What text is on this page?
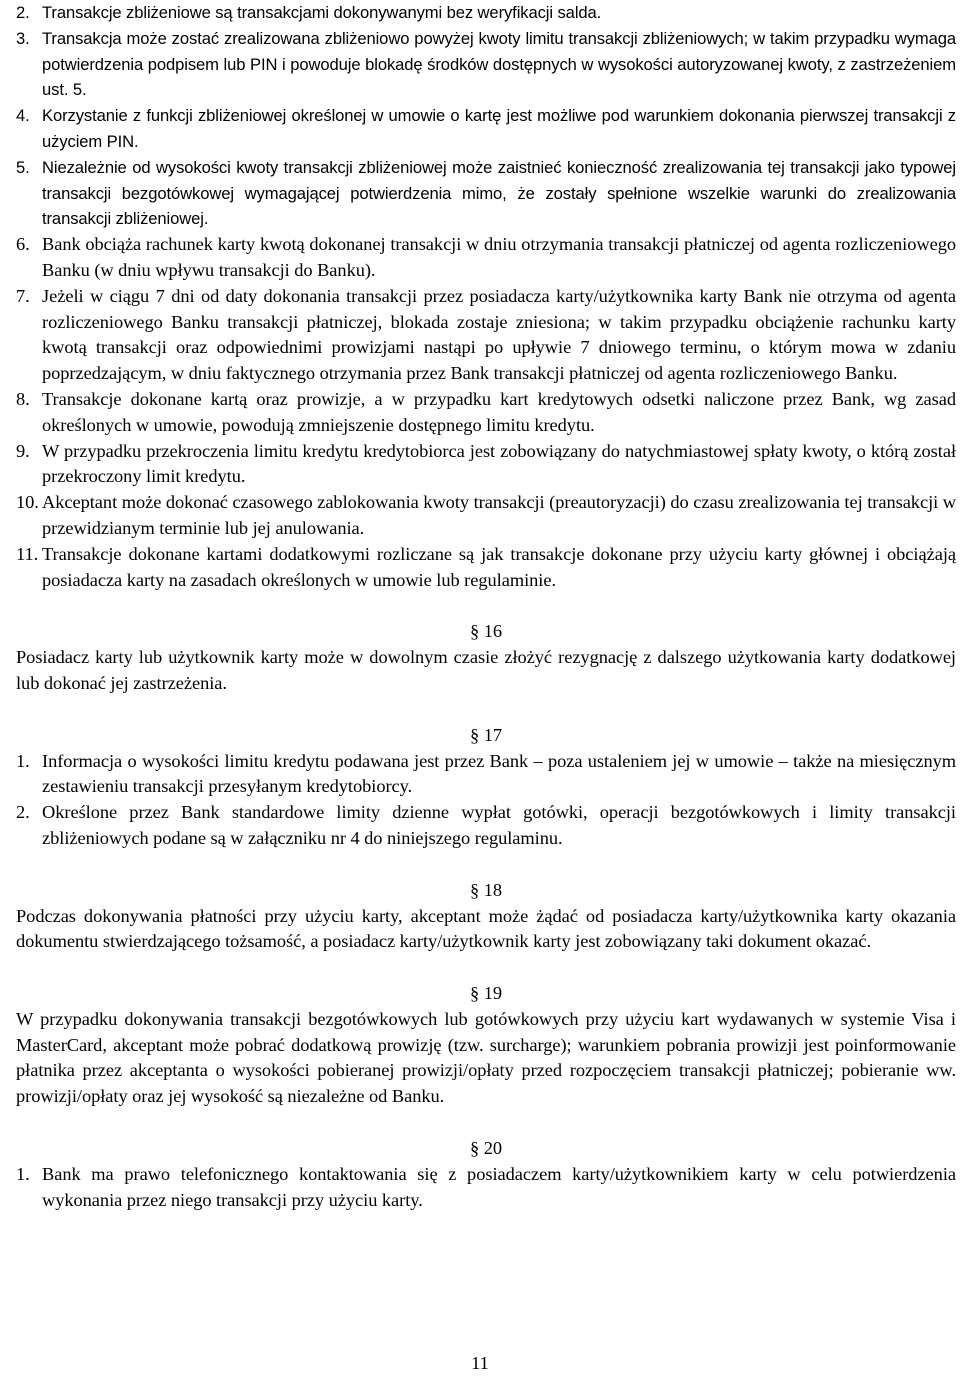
2. Transakcje zbliżeniowe są transakcjami dokonywanymi bez weryfikacji salda.
3. Transakcja może zostać zrealizowana zbliżeniowo powyżej kwoty limitu transakcji zbliżeniowych; w takim przypadku wymaga potwierdzenia podpisem lub PIN i powoduje blokadę środków dostępnych w wysokości autoryzowanej kwoty, z zastrzeżeniem ust. 5.
4. Korzystanie z funkcji zbliżeniowej określonej w umowie o kartę jest możliwe pod warunkiem dokonania pierwszej transakcji z użyciem PIN.
5. Niezależnie od wysokości kwoty transakcji zbliżeniowej może zaistnieć konieczność zrealizowania tej transakcji jako typowej transakcji bezgotówkowej wymagającej potwierdzenia mimo, że zostały spełnione wszelkie warunki do zrealizowania transakcji zbliżeniowej.
6. Bank obciąża rachunek karty kwotą dokonanej transakcji w dniu otrzymania transakcji płatniczej od agenta rozliczeniowego Banku (w dniu wpływu transakcji do Banku).
7. Jeżeli w ciągu 7 dni od daty dokonania transakcji przez posiadacza karty/użytkownika karty Bank nie otrzyma od agenta rozliczeniowego Banku transakcji płatniczej, blokada zostaje zniesiona; w takim przypadku obciążenie rachunku karty kwotą transakcji oraz odpowiednimi prowizjami nastąpi po upływie 7 dniowego terminu, o którym mowa w zdaniu poprzedzającym, w dniu faktycznego otrzymania przez Bank transakcji płatniczej od agenta rozliczeniowego Banku.
8. Transakcje dokonane kartą oraz prowizje, a w przypadku kart kredytowych odsetki naliczone przez Bank, wg zasad określonych w umowie, powodują zmniejszenie dostępnego limitu kredytu.
9. W przypadku przekroczenia limitu kredytu kredytobiorca jest zobowiązany do natychmiastowej spłaty kwoty, o którą został przekroczony limit kredytu.
10. Akceptant może dokonać czasowego zablokowania kwoty transakcji (preautoryzacji) do czasu zrealizowania tej transakcji w przewidzianym terminie lub jej anulowania.
11. Transakcje dokonane kartami dodatkowymi rozliczane są jak transakcje dokonane przy użyciu karty głównej i obciążają posiadacza karty na zasadach określonych w umowie lub regulaminie.

§ 16

Posiadacz karty lub użytkownik karty może w dowolnym czasie złożyć rezygnację z dalszego użytkowania karty dodatkowej lub dokonać jej zastrzeżenia.

§ 17

1. Informacja o wysokości limitu kredytu podawana jest przez Bank – poza ustaleniem jej w umowie – także na miesięcznym zestawieniu transakcji przesyłanym kredytobiorcy.
2. Określone przez Bank standardowe limity dzienne wypłat gotówki, operacji bezgotówkowych i limity transakcji zbliżeniowych podane są w załączniku nr 4 do niniejszego regulaminu.

§ 18

Podczas dokonywania płatności przy użyciu karty, akceptant może żądać od posiadacza karty/użytkownika karty okazania dokumentu stwierdzającego tożsamość, a posiadacz karty/użytkownik karty jest zobowiązany taki dokument okazać.

§ 19

W przypadku dokonywania transakcji bezgotówkowych lub gotówkowych przy użyciu kart wydawanych w systemie Visa i MasterCard, akceptant może pobrać dodatkową prowizję (tzw. surcharge); warunkiem pobrania prowizji jest poinformowanie płatnika przez akceptanta o wysokości pobieranej prowizji/opłaty przed rozpoczęciem transakcji płatniczej; pobieranie ww. prowizji/opłaty oraz jej wysokość są niezależne od Banku.

§ 20

1. Bank ma prawo telefonicznego kontaktowania się z posiadaczem karty/użytkownikiem karty w celu potwierdzenia wykonania przez niego transakcji przy użyciu karty.
11
